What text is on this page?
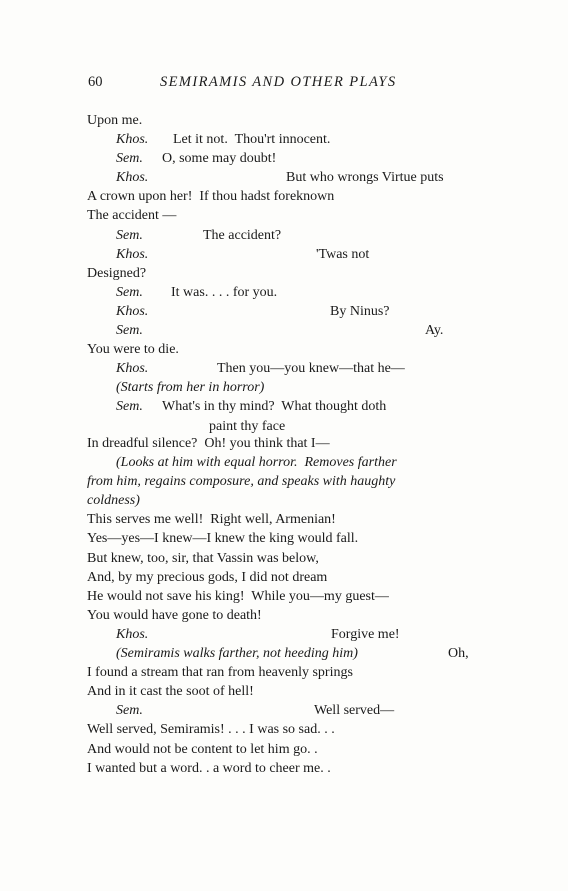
60	SEMIRAMIS AND OTHER PLAYS
Upon me.
Khos. Let it not.  Thou'rt innocent.
Sem. O, some may doubt!
Khos.	But who wrongs Virtue puts
A crown upon her!  If thou hadst foreknown
The accident —
Sem.	The accident?
Khos.	'Twas not
Designed?
Sem. It was. . . . for you.
Khos.	By Ninus?
Sem.	Ay.
You were to die.
Khos.	Then you—you knew—that he—
(Starts from her in horror)
Sem. What's in thy mind?  What thought doth
paint thy face
In dreadful silence?  Oh! you think that I—
(Looks at him with equal horror.  Removes farther
from him, regains composure, and speaks with haughty
coldness)
This serves me well!  Right well, Armenian!
Yes—yes—I knew—I knew the king would fall.
But knew, too, sir, that Vassin was below,
And, by my precious gods, I did not dream
He would not save his king!  While you—my guest—
You would have gone to death!
Khos.	Forgive me!
(Semiramis walks farther, not heeding him)	Oh,
I found a stream that ran from heavenly springs
And in it cast the soot of hell!
Sem.	Well served—
Well served, Semiramis! . . . I was so sad. . .
And would not be content to let him go. .
I wanted but a word. . a word to cheer me. .
